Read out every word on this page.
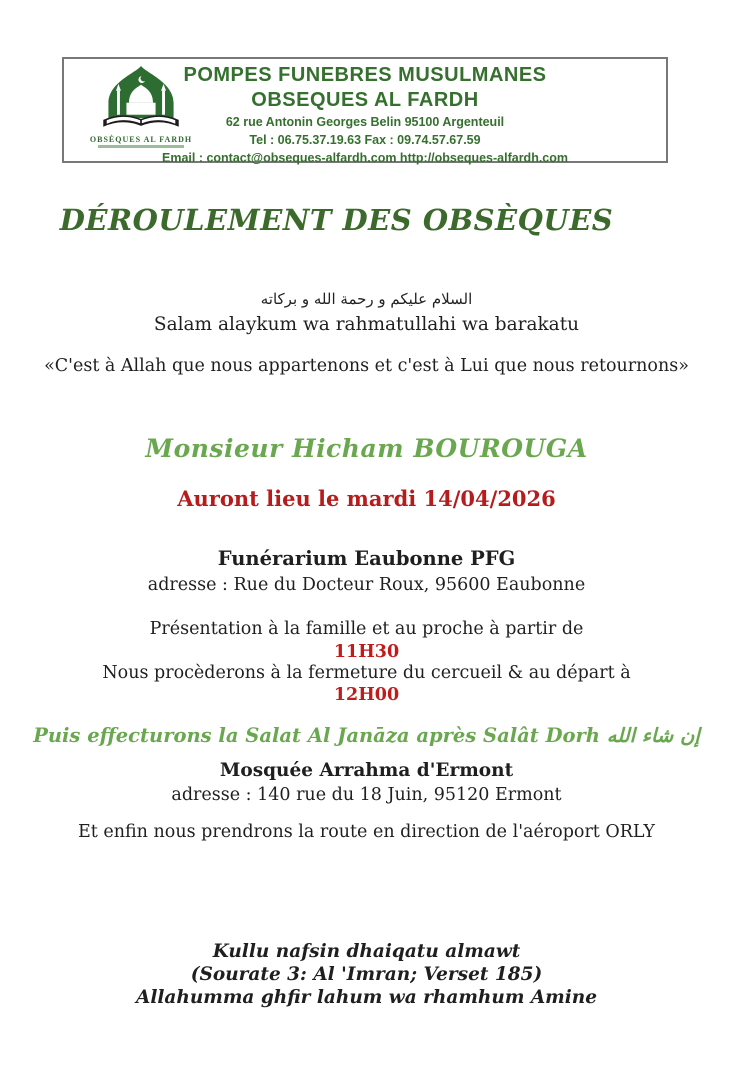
OBSÈQUES AL FARDH
POMPES FUNEBRES MUSULMANES
OBSEQUES AL FARDH
62 rue Antonin Georges Belin 95100 Argenteuil
Tel : 06.75.37.19.63 Fax : 09.74.57.67.59
Email : contact@obseques-alfardh.com http://obseques-alfardh.com
DÉROULEMENT DES OBSÈQUES
السلام عليكم و رحمة الله و بركاته
Salam alaykum wa rahmatullahi wa barakatu
«C'est à Allah que nous appartenons et c'est à Lui que nous retournons»
Monsieur Hicham BOUROUGA
Auront lieu le mardi 14/04/2026
Funérarium Eaubonne PFG
adresse : Rue du Docteur Roux, 95600 Eaubonne
Présentation à la famille et au proche à partir de
11H30
Nous procèderons à la fermeture du cercueil & au départ à
12H00
Puis effecturons la Salat Al Janāza après Salât Dorh إن شاء الله
Mosquée Arrahma d'Ermont
adresse : 140 rue du 18 Juin, 95120 Ermont
Et enfin nous prendrons la route en direction de l'aéroport ORLY
Kullu nafsin dhaiqatu almawt
(Sourate 3: Al 'Imran; Verset 185)
Allahumma ghfir lahum wa rhamhum Amine
